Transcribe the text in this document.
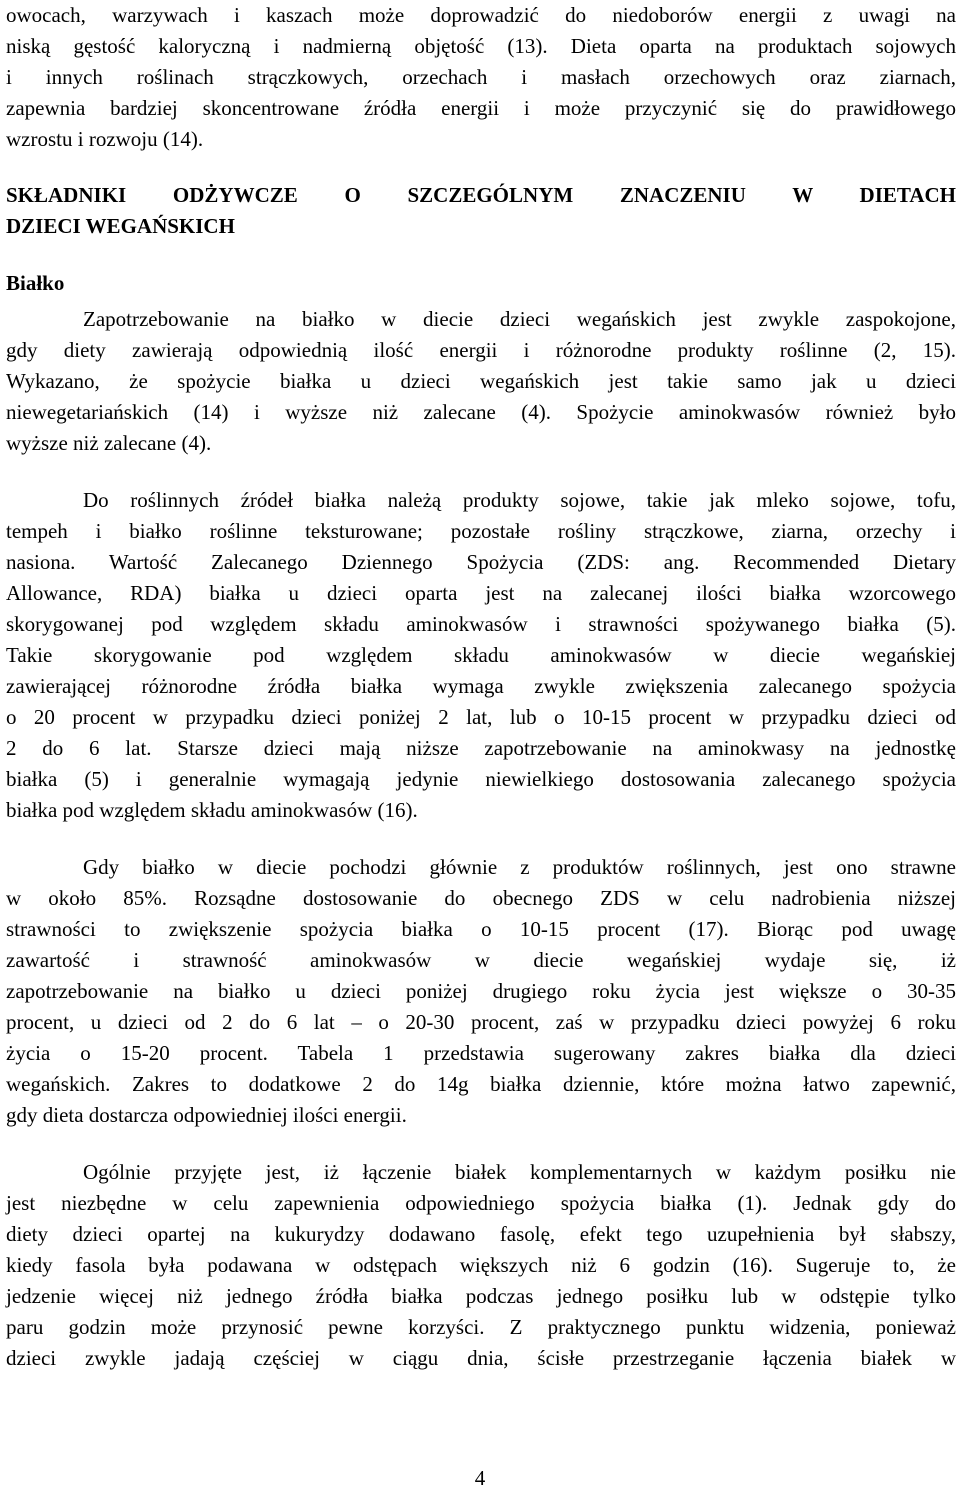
owocach, warzywach i kaszach może doprowadzić do niedoborów energii z uwagi na
niską gęstość kaloryczną i nadmierną objętość (13). Dieta oparta na produktach sojowych
i innych roślinach strączkowych, orzechach i masłach orzechowych oraz ziarnach,
zapewnia bardziej skoncentrowane źródła energii i może przyczynić się do prawidłowego
wzrostu i rozwoju (14).
SKŁADNIKI ODŻYWCZE O SZCZEGÓLNYM ZNACZENIU W DIETACH
DZIECI WEGAŃSKICH
Białko
Zapotrzebowanie na białko w diecie dzieci wegańskich jest zwykle zaspokojone,
gdy diety zawierają odpowiednią ilość energii i różnorodne produkty roślinne (2, 15).
Wykazano, że spożycie białka u dzieci wegańskich jest takie samo jak u dzieci
niewegetariańskich (14) i wyższe niż zalecane (4). Spożycie aminokwasów również było
wyższe niż zalecane (4).
Do roślinnych źródeł białka należą produkty sojowe, takie jak mleko sojowe, tofu,
tempeh i białko roślinne teksturowane; pozostałe rośliny strączkowe, ziarna, orzechy i
nasiona. Wartość Zalecanego Dziennego Spożycia (ZDS: ang. Recommended Dietary
Allowance, RDA) białka u dzieci oparta jest na zalecanej ilości białka wzorcowego
skorygowanej pod względem składu aminokwasów i strawności spożywanego białka (5).
Takie skorygowanie pod względem składu aminokwasów w diecie wegańskiej
zawierającej różnorodne źródła białka wymaga zwykle zwiększenia zalecanego spożycia
o 20 procent w przypadku dzieci poniżej 2 lat, lub o 10-15 procent w przypadku dzieci od
2 do 6 lat. Starsze dzieci mają niższe zapotrzebowanie na aminokwasy na jednostkę
białka (5) i generalnie wymagają jedynie niewielkiego dostosowania zalecanego spożycia
białka pod względem składu aminokwasów (16).
Gdy białko w diecie pochodzi głównie z produktów roślinnych, jest ono strawne
w około 85%. Rozsądne dostosowanie do obecnego ZDS w celu nadrobienia niższej
strawności to zwiększenie spożycia białka o 10-15 procent (17). Biorąc pod uwagę
zawartość i strawność aminokwasów w diecie wegańskiej wydaje się, iż
zapotrzebowanie na białko u dzieci poniżej drugiego roku życia jest większe o 30-35
procent, u dzieci od 2 do 6 lat – o 20-30 procent, zaś w przypadku dzieci powyżej 6 roku
życia o 15-20 procent. Tabela 1 przedstawia sugerowany zakres białka dla dzieci
wegańskich. Zakres to dodatkowe 2 do 14g białka dziennie, które można łatwo zapewnić,
gdy dieta dostarcza odpowiedniej ilości energii.
Ogólnie przyjęte jest, iż łączenie białek komplementarnych w każdym posiłku nie
jest niezbędne w celu zapewnienia odpowiedniego spożycia białka (1). Jednak gdy do
diety dzieci opartej na kukurydzy dodawano fasolę, efekt tego uzupełnienia był słabszy,
kiedy fasola była podawana w odstępach większych niż 6 godzin (16). Sugeruje to, że
jedzenie więcej niż jednego źródła białka podczas jednego posiłku lub w odstępie tylko
paru godzin może przynosić pewne korzyści. Z praktycznego punktu widzenia, ponieważ
dzieci zwykle jadają częściej w ciągu dnia, ścisłe przestrzeganie łączenia białek w
4
